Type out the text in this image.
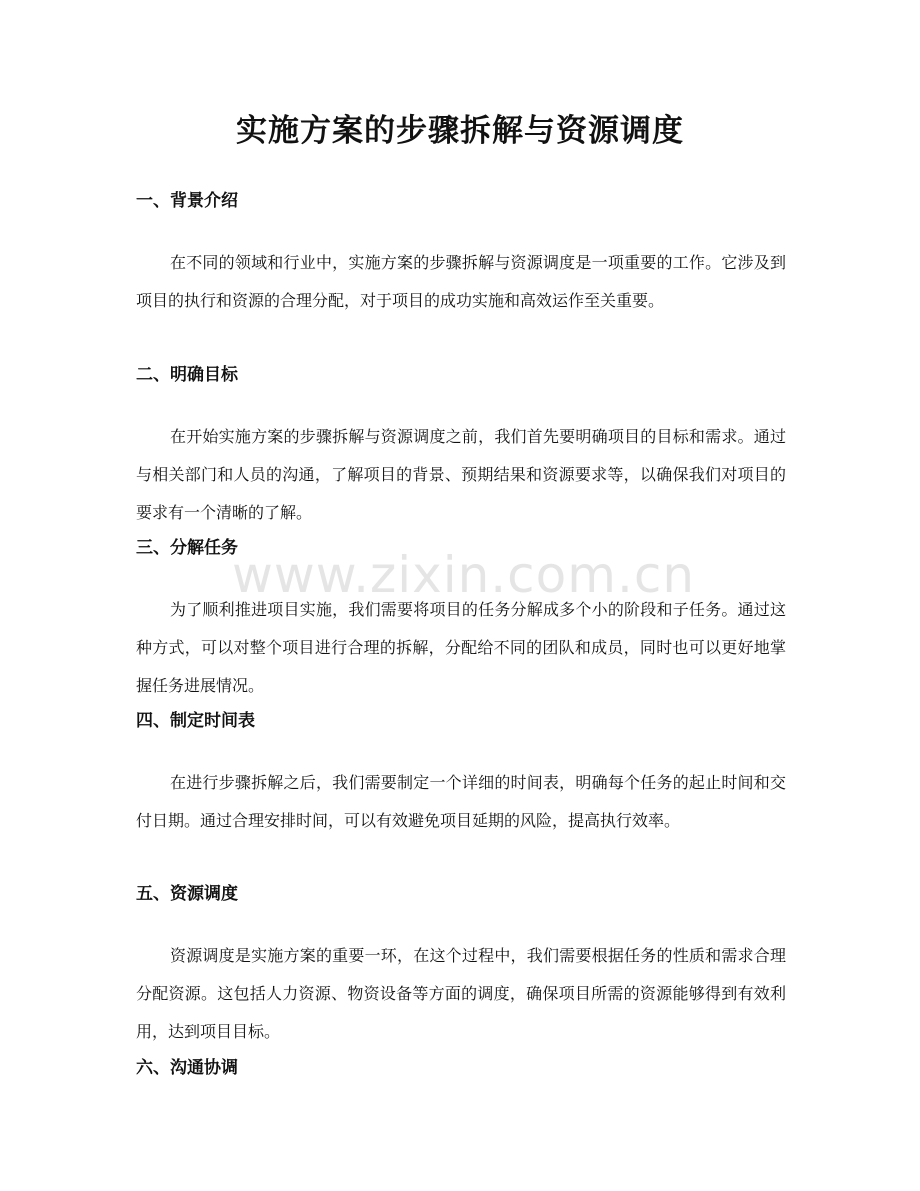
实施方案的步骤拆解与资源调度
一、背景介绍

在不同的领域和行业中，实施方案的步骤拆解与资源调度是一项重要的工作。它涉及到项目的执行和资源的合理分配，对于项目的成功实施和高效运作至关重要。

二、明确目标

在开始实施方案的步骤拆解与资源调度之前，我们首先要明确项目的目标和需求。通过与相关部门和人员的沟通，了解项目的背景、预期结果和资源要求等，以确保我们对项目的要求有一个清晰的了解。

三、分解任务

为了顺利推进项目实施，我们需要将项目的任务分解成多个小的阶段和子任务。通过这种方式，可以对整个项目进行合理的拆解，分配给不同的团队和成员，同时也可以更好地掌握任务进展情况。

四、制定时间表

在进行步骤拆解之后，我们需要制定一个详细的时间表，明确每个任务的起止时间和交付日期。通过合理安排时间，可以有效避免项目延期的风险，提高执行效率。

五、资源调度

资源调度是实施方案的重要一环，在这个过程中，我们需要根据任务的性质和需求合理分配资源。这包括人力资源、物资设备等方面的调度，确保项目所需的资源能够得到有效利用，达到项目目标。

六、沟通协调
www.zixin.com.cn
